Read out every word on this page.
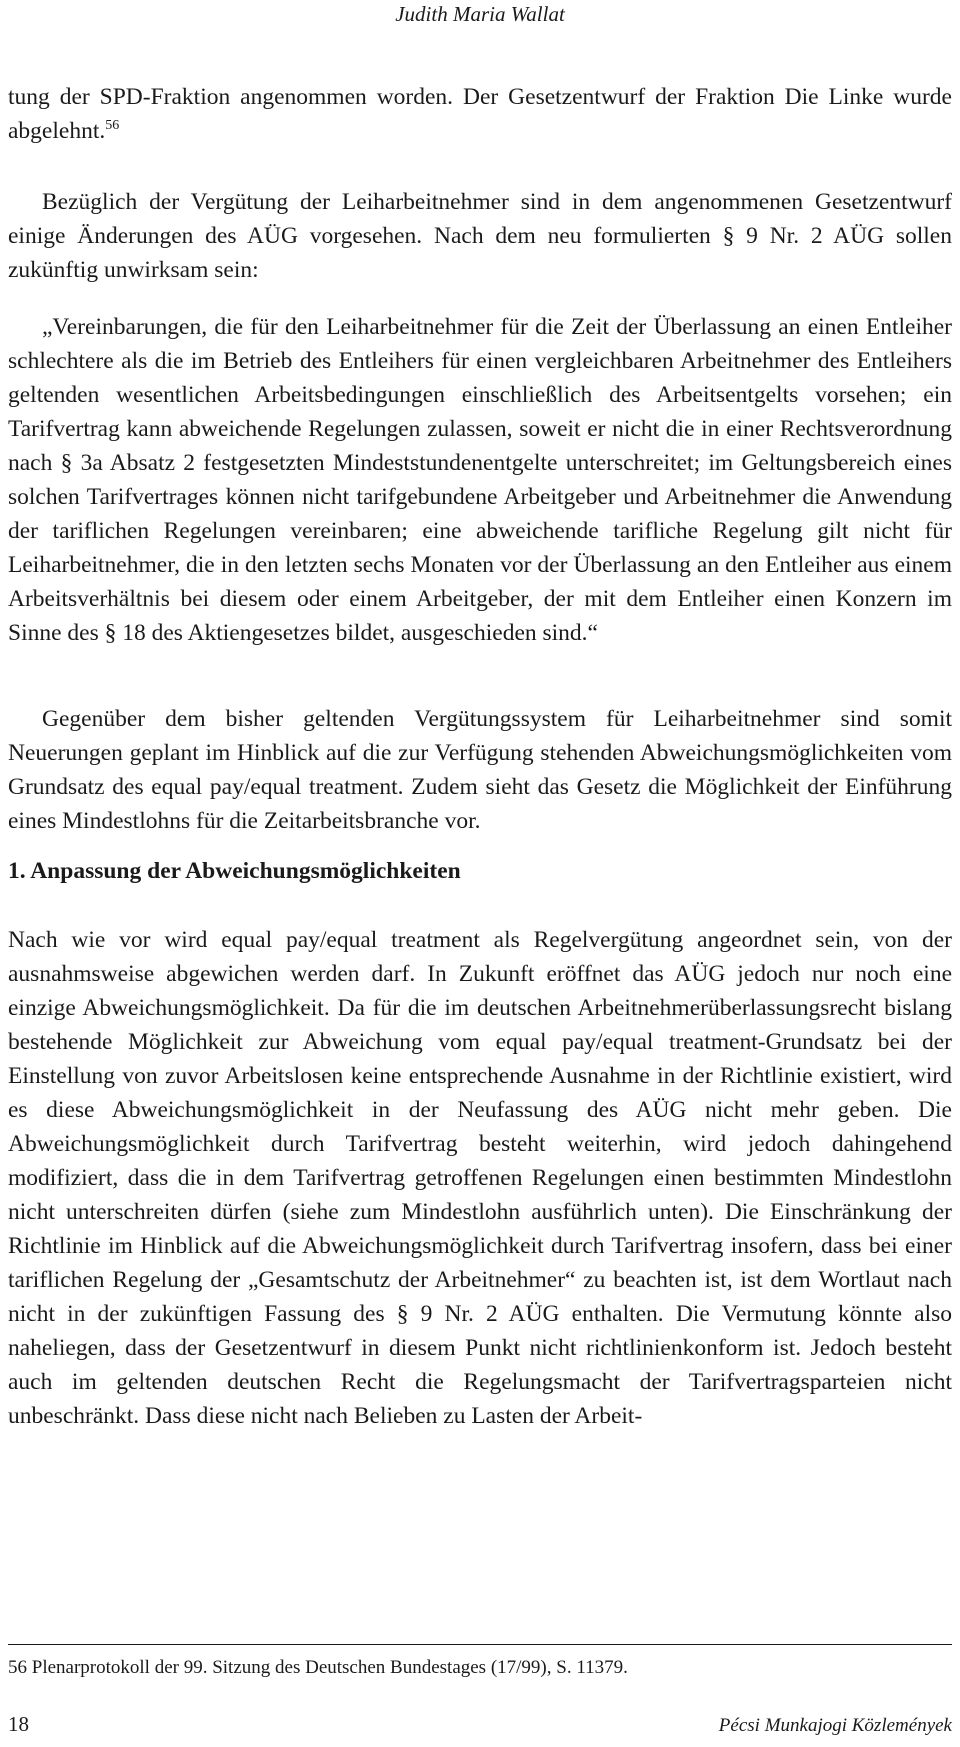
Judith Maria Wallat

tung der SPD-Fraktion angenommen worden. Der Gesetzentwurf der Fraktion Die Linke wurde abgelehnt.$^{56}$

Bezüglich der Vergütung der Leiharbeitnehmer sind in dem angenommenen Gesetzentwurf einige Änderungen des AÜG vorgesehen. Nach dem neu formulierten § 9 Nr. 2 AÜG sollen zukünftig unwirksam sein:

„Vereinbarungen, die für den Leiharbeitnehmer für die Zeit der Überlassung an einen Entleiher schlechtere als die im Betrieb des Entleihers für einen vergleichbaren Arbeitnehmer des Entleihers geltenden wesentlichen Arbeitsbedingungen einschließlich des Arbeitsentgelts vorsehen; ein Tarifvertrag kann abweichende Regelungen zulassen, soweit er nicht die in einer Rechtsverordnung nach § 3a Absatz 2 festgesetzten Mindeststundenentgelte unterschreitet; im Geltungsbereich eines solchen Tarifvertrages können nicht tarifgebundene Arbeitgeber und Arbeitnehmer die Anwendung der tariflichen Regelungen vereinbaren; eine abweichende tarifliche Regelung gilt nicht für Leiharbeitnehmer, die in den letzten sechs Monaten vor der Überlassung an den Entleiher aus einem Arbeitsverhältnis bei diesem oder einem Arbeitgeber, der mit dem Entleiher einen Konzern im Sinne des § 18 des Aktiengesetzes bildet, ausgeschieden sind.“

Gegenüber dem bisher geltenden Vergütungssystem für Leiharbeitnehmer sind somit Neuerungen geplant im Hinblick auf die zur Verfügung stehenden Abweichungsmöglichkeiten vom Grundsatz des equal pay/equal treatment. Zudem sieht das Gesetz die Möglichkeit der Einführung eines Mindestlohns für die Zeitarbeitsbranche vor.

1. Anpassung der Abweichungsmöglichkeiten

Nach wie vor wird equal pay/equal treatment als Regelvergütung angeordnet sein, von der ausnahmsweise abgewichen werden darf. In Zukunft eröffnet das AÜG jedoch nur noch eine einzige Abweichungsmöglichkeit. Da für die im deutschen Arbeitnehmerüberlassungsrecht bislang bestehende Möglichkeit zur Abweichung vom equal pay/equal treatment-Grundsatz bei der Einstellung von zuvor Arbeitslosen keine entsprechende Ausnahme in der Richtlinie existiert, wird es diese Abweichungsmöglichkeit in der Neufassung des AÜG nicht mehr geben. Die Abweichungsmöglichkeit durch Tarifvertrag besteht weiterhin, wird jedoch dahingehend modifiziert, dass die in dem Tarifvertrag getroffenen Regelungen einen bestimmten Mindestlohn nicht unterschreiten dürfen (siehe zum Mindestlohn ausführlich unten). Die Einschränkung der Richtlinie im Hinblick auf die Abweichungsmöglichkeit durch Tarifvertrag insofern, dass bei einer tariflichen Regelung der „Gesamtschutz der Arbeitnehmer“ zu beachten ist, ist dem Wortlaut nach nicht in der zukünftigen Fassung des § 9 Nr. 2 AÜG enthalten. Die Vermutung könnte also naheliegen, dass der Gesetzentwurf in diesem Punkt nicht richtlinienkonform ist. Jedoch besteht auch im geltenden deutschen Recht die Regelungsmacht der Tarifvertragsparteien nicht unbeschränkt. Dass diese nicht nach Belieben zu Lasten der Arbeit-

56 Plenarprotokoll der 99. Sitzung des Deutschen Bundestages (17/99), S. 11379.
18	Pécsi Munkajogi Közlemények
